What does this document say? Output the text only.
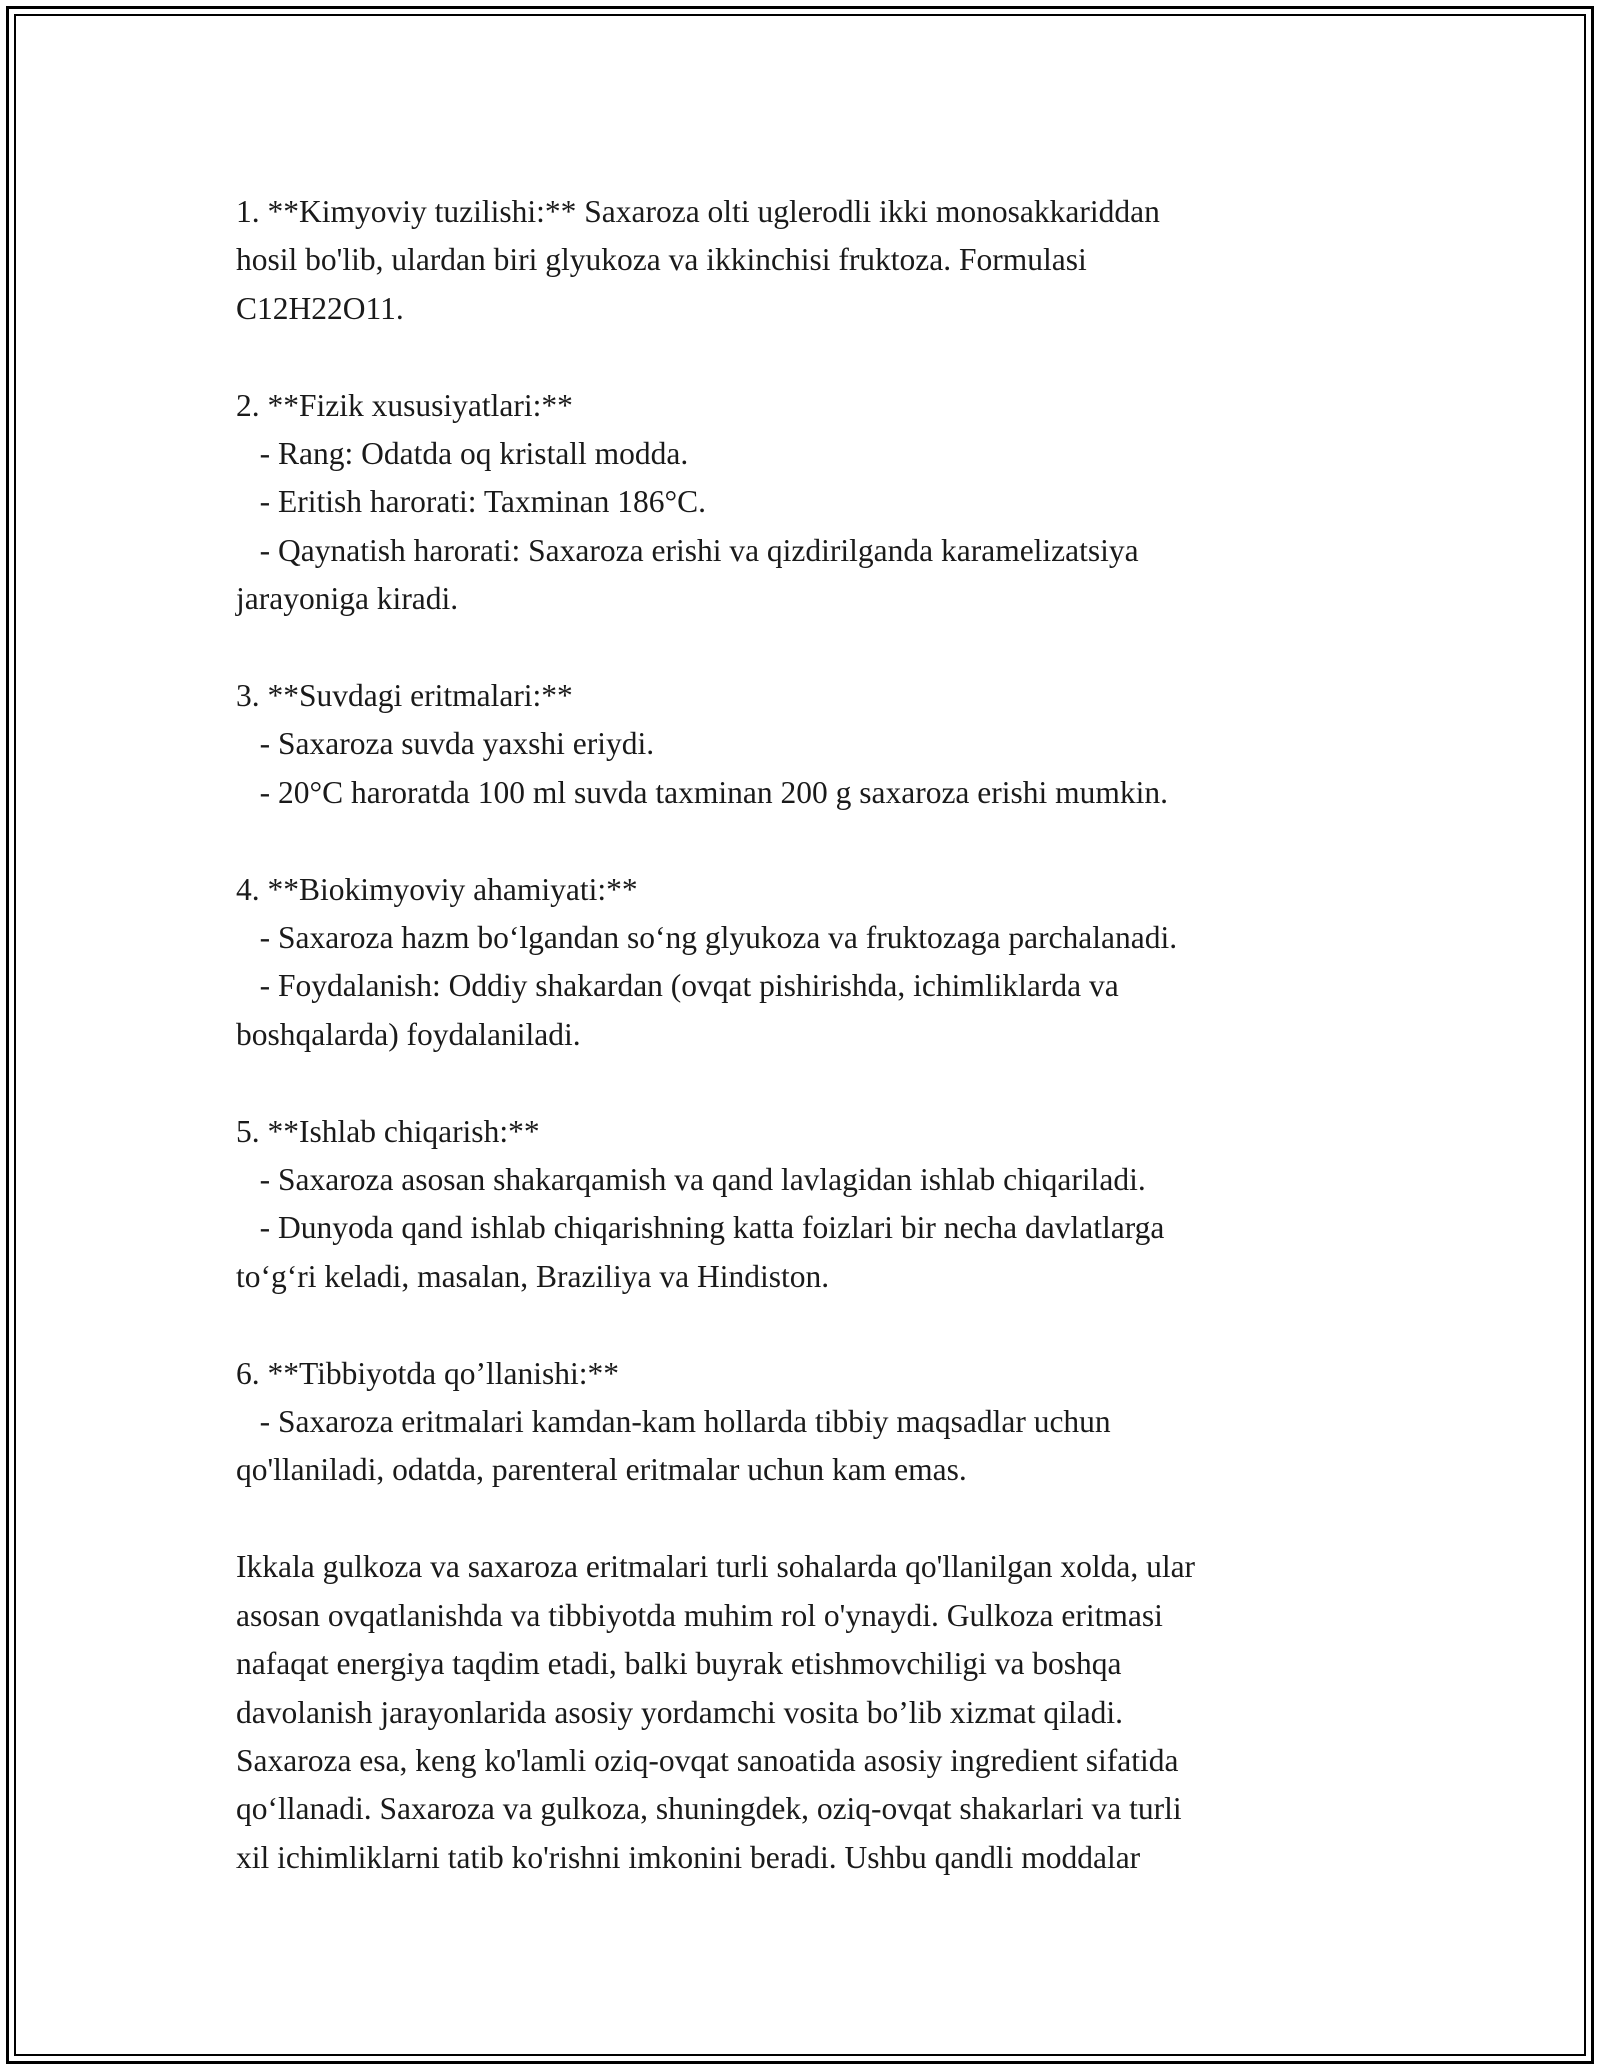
1. **Kimyoviy tuzilishi:** Saxaroza olti uglerodli ikki monosakkariddan
hosil bo'lib, ulardan biri glyukoza va ikkinchisi fruktoza. Formulasi
C12H22O11.
2. **Fizik xususiyatlari:**
- Rang: Odatda oq kristall modda.
- Eritish harorati: Taxminan 186°C.
- Qaynatish harorati: Saxaroza erishi va qizdirilganda karamelizatsiya
jarayoniga kiradi.
3. **Suvdagi eritmalari:**
- Saxaroza suvda yaxshi eriydi.
- 20°C haroratda 100 ml suvda taxminan 200 g saxaroza erishi mumkin.
4. **Biokimyoviy ahamiyati:**
- Saxaroza hazm bo‘lgandan so‘ng glyukoza va fruktozaga parchalanadi.
- Foydalanish: Oddiy shakardan (ovqat pishirishda, ichimliklarda va
boshqalarda) foydalaniladi.
5. **Ishlab chiqarish:**
- Saxaroza asosan shakarqamish va qand lavlagidan ishlab chiqariladi.
- Dunyoda qand ishlab chiqarishning katta foizlari bir necha davlatlarga
to‘g‘ri keladi, masalan, Braziliya va Hindiston.
6. **Tibbiyotda qo’llanishi:**
- Saxaroza eritmalari kamdan-kam hollarda tibbiy maqsadlar uchun
qo'llaniladi, odatda, parenteral eritmalar uchun kam emas.
Ikkala gulkoza va saxaroza eritmalari turli sohalarda qo'llanilgan xolda, ular
asosan ovqatlanishda va tibbiyotda muhim rol o'ynaydi. Gulkoza eritmasi
nafaqat energiya taqdim etadi, balki buyrak etishmovchiligi va boshqa
davolanish jarayonlarida asosiy yordamchi vosita bo’lib xizmat qiladi.
Saxaroza esa, keng ko'lamli oziq-ovqat sanoatida asosiy ingredient sifatida
qo‘llanadi. Saxaroza va gulkoza, shuningdek, oziq-ovqat shakarlari va turli
xil ichimliklarni tatib ko'rishni imkonini beradi. Ushbu qandli moddalar
